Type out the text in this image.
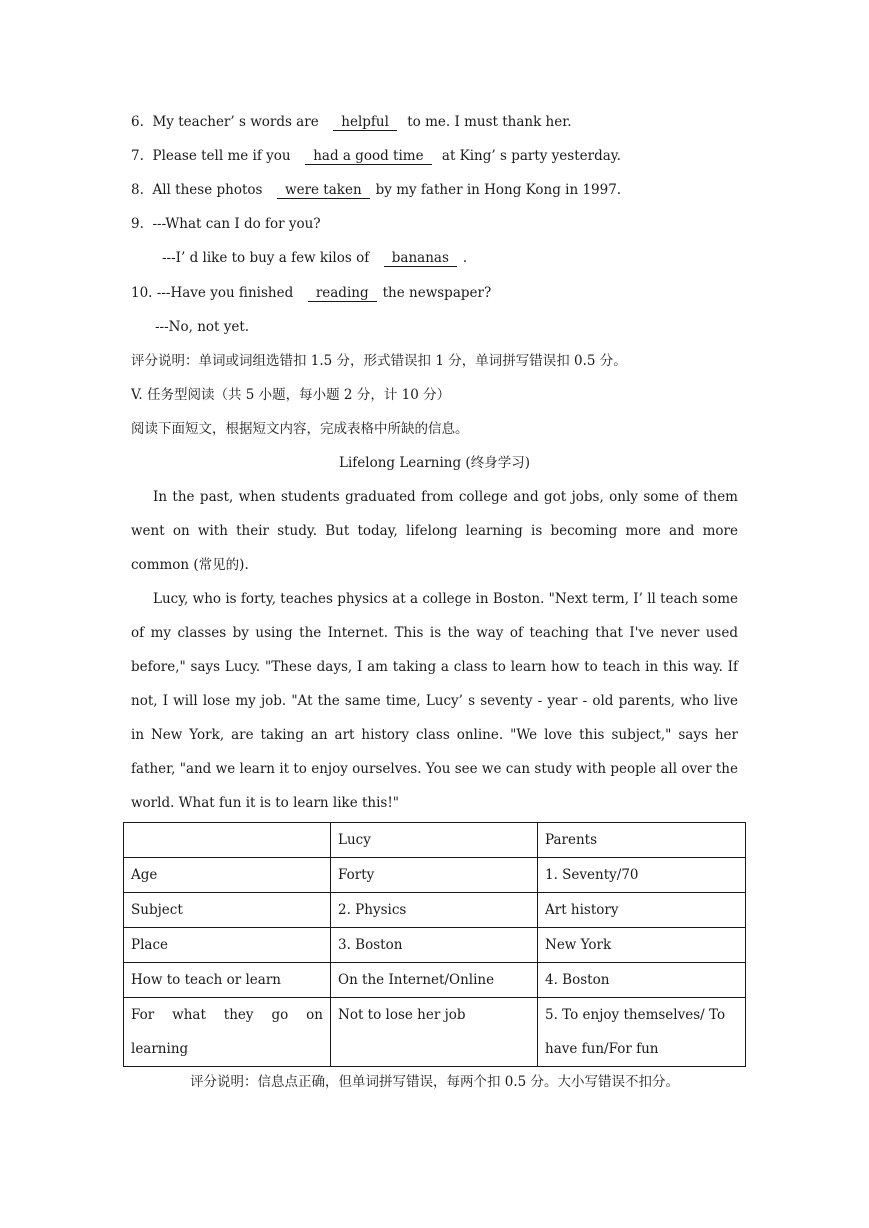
6. My teacher’ s words are helpful to me. I must thank her.
7. Please tell me if you had a good time at King’ s party yesterday.
8. All these photos were taken by my father in Hong Kong in 1997.
9. ---What can I do for you?
---I’ d like to buy a few kilos of bananas .
10. ---Have you finished reading the newspaper?
---No, not yet.
评分说明：单词或词组选错扣 1.5 分，形式错误扣 1 分，单词拼写错误扣 0.5 分。
V. 任务型阅读（共 5 小题，每小题 2 分，计 10 分）
阅读下面短文，根据短文内容，完成表格中所缺的信息。
Lifelong Learning (终身学习)

In the past, when students graduated from college and got jobs, only some of them went on with their study. But today, lifelong learning is becoming more and more common (常见的).

Lucy, who is forty, teaches physics at a college in Boston. "Next term, I’ ll teach some of my classes by using the Internet. This is the way of teaching that I've never used before," says Lucy. "These days, I am taking a class to learn how to teach in this way. If not, I will lose my job. "At the same time, Lucy’ s seventy - year - old parents, who live in New York, are taking an art history class online. "We love this subject," says her father, "and we learn it to enjoy ourselves. You see we can study with people all over the world. What fun it is to learn like this!"

	Lucy	Parents
Age	Forty	1. Seventy/70
Subject	2. Physics	Art history
Place	3. Boston	New York
How to teach or learn	On the Internet/Online	4. Boston
For what they go on learning	Not to lose her job	5. To enjoy themselves/ To have fun/For fun
评分说明：信息点正确，但单词拼写错误，每两个扣 0.5 分。大小写错误不扣分。
